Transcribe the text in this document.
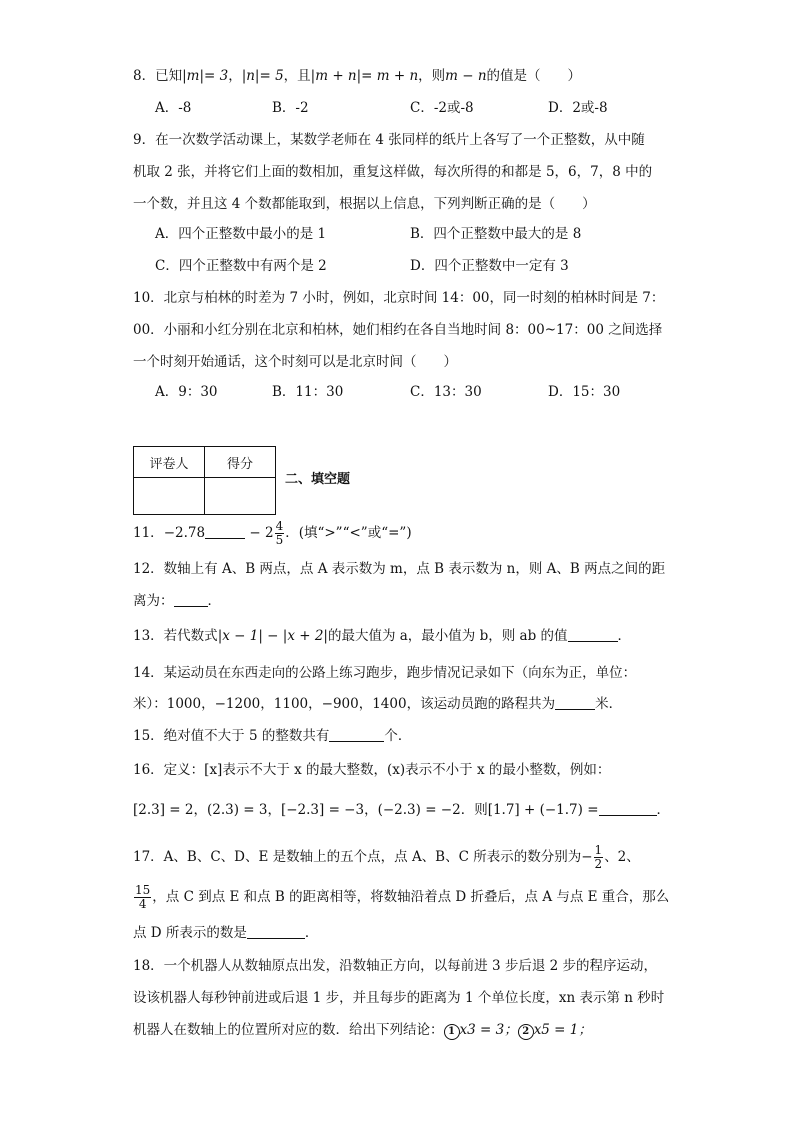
8．已知|m|= 3，|n|= 5，且|m + n|= m + n，则m − n的值是（　　）
A．-8	B．-2	C．-2或-8	D．2或-8
9．在一次数学活动课上，某数学老师在 4 张同样的纸片上各写了一个正整数，从中随
机取 2 张，并将它们上面的数相加，重复这样做，每次所得的和都是 5，6，7，8 中的
一个数，并且这 4 个数都能取到，根据以上信息，下列判断正确的是（　　）
A．四个正整数中最小的是 1	B．四个正整数中最大的是 8
C．四个正整数中有两个是 2	D．四个正整数中一定有 3
10．北京与柏林的时差为 7 小时，例如，北京时间 14：00，同一时刻的柏林时间是 7：
00．小丽和小红分别在北京和柏林，她们相约在各自当地时间 8：00~17：00 之间选择
一个时刻开始通话，这个时刻可以是北京时间（　　）
A．9：30	B．11：30	C．13：30	D．15：30
评卷人	得分

二、填空题
11．−2.78	− $2 \frac{4}{5}$ ．(填“>”“<”或“=”)
12．数轴上有 A、B 两点，点 A 表示数为 m，点 B 表示数为 n，则 A、B 两点之间的距
离为：	．
13．若代数式|x − 1| − |x + 2|的最大值为 a，最小值为 b，则 ab 的值	．
14．某运动员在东西走向的公路上练习跑步，跑步情况记录如下（向东为正，单位：
米）：1000，−1200，1100，−900，1400，该运动员跑的路程共为	米．
15．绝对值不大于 5 的整数共有	个．
16．定义：[x]表示不大于 x 的最大整数，(x)表示不小于 x 的最小整数，例如：
[2.3] = 2，(2.3) = 3，[−2.3] = −3，(−2.3) = −2．则[1.7] + (−1.7) =	．
17．A、B、C、D、E 是数轴上的五个点，点 A、B、C 所表示的数分别为− $\frac{1}{2}$ 、2、
$\frac{15}{4}$ ，点 C 到点 E 和点 B 的距离相等，将数轴沿着点 D 折叠后，点 A 与点 E 重合，那么
点 D 所表示的数是	．
18．一个机器人从数轴原点出发，沿数轴正方向，以每前进 3 步后退 2 步的程序运动，
设该机器人每秒钟前进或后退 1 步，并且每步的距离为 1 个单位长度，xn 表示第 n 秒时
机器人在数轴上的位置所对应的数．给出下列结论： 1 x3 = 3； 2 x5 = 1；
